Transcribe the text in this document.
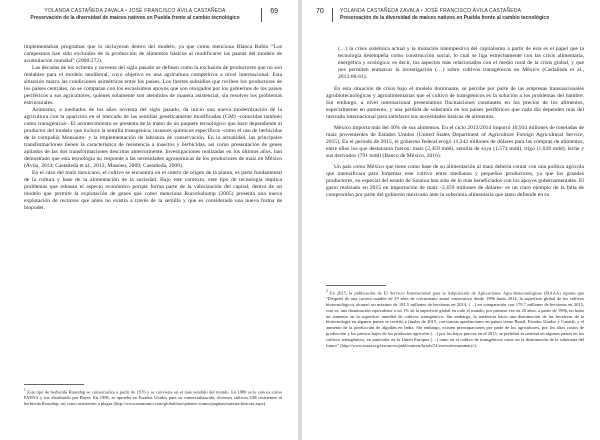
YOLANDA CASTAÑEDA ZAVALA • JOSÉ FRANCISCO ÁVILA CASTAÑEDA
Preservación de la diversidad de maíces nativos en Puebla frente al cambio tecnológico
69

implementaban programas que lo incluyeran dentro del modelo, ya que como menciona Blanca Rubio “Los campesinos han sido excluidos de la producción de alimentos básicos al modificarse las pautas del modelo de acumulación mundial” (2000:272).

Las décadas de los ochenta y noventa del siglo pasado se definen como la exclusión de productores que no son rentables para el modelo neoliberal, cuyo objetivo es una agricultura competitiva a nivel internacional. Esta situación marca las condiciones asimétricas entre los países. Los fuertes subsidios que reciben los productores de los países centrales, no se comparan con los escasísimos apoyos que son otorgados por los gobiernos de los países periféricos a sus agricultores, quienes solamente son atendidos de manera asistencial, sin resolver los problemas estructurales.

Asimismo, a mediados de los años noventa del siglo pasado, da inicio una nueva modernización de la agricultura con la aparición en el mercado de las semillas genéticamente modificadas (GM) -conocidas también como transgénicas-. El acontecimiento se presenta de la mano de un paquete tecnológico que hace dependiente al productor del modelo que incluye la semilla transgénica, insumos químicos específicos -como el uso de herbicidas de la compañía Monsanto- y la implementación de labranza de conservación. En la actualidad, las principales transformaciones tienen la característica de resistencia a insectos y herbicidas, así como presentación de genes apilados de las dos transformaciones descritas anteriormente. Investigaciones realizadas en los últimos años, han demostrado que esta tecnología no responde a las necesidades agronómicas de los productores de maíz en México (Ávila, 2014; Castañeda et al., 2013; Massieu, 2009; Castañeda, 2009).

En el caso del maíz mexicano, el cultivo se encuentra en el centro de origen de la planta, es parte fundamental de la cultura y base de la alimentación de la sociedad. Bajo este contexto, este tipo de tecnología implica problemas que rebasan el aspecto económico porque forma parte de la valorización del capital, dentro de un modelo que permite la explotación de genes que como menciona Rucorkshump (2005) presenta una nueva explotación de recursos que antes no existía a través de la semilla y que es considerado una nueva forma de biopoder.

$^1$ Este tipo de herbicida Roundup se comercializa a partir de 1976 y se convierte en el más vendido del mundo. En 1980 se le conoce como FAENA y fue distribuido por Bayer. En 1996, se aprueba en Estados Unidos para su comercialización, diversos cultivos GM resistentes al herbicida Roundup, así como resistentes a plagas (http://www.monsanto.com/global/mx/quienes-somos/paginas/nuestra-historia.aspx).
70	YOLANDA CASTAÑEDA ZAVALA • JOSÉ FRANCISCO ÁVILA CASTAÑEDA
Preservación de la diversidad de maíces nativos en Puebla frente al cambio tecnológico

(…) la crisis sistémica actual y la mutación intempestiva del capitalismo a partir de ésta es el papel que la tecnología desempeña como construcción social, lo cual se liga estrechamente con las crisis alimentaria, energética y ecológica; es decir, los aspectos más relacionados con el medio rural de la crisis global, y que nos permiten enmarcar la investigación (…) sobre cultivos transgénicos en México (Castañeda et al., 2013:60-61).

En esta situación de crisis bajo el modelo dominante, se percibe por parte de las empresas transnacionales agrobiotecnológicas y agroalimentarias que el cultivo de transgénicos es la solución a los problemas del hambre. Sin embargo, a nivel internacional presentamos fluctuaciones constantes en los precios de los alimentos, especialmente en aumento, y una pérdida de soberanía en los países periféricos que cada día dependen más del mercado internacional para satisfacer sus necesidades básicas de alimentos.

México importa más del 40% de sus alimentos. En el ciclo 2013/2014 importó 10,934 millones de toneladas de maíz provenientes de Estados Unidos (United States Department of Agriculture Foreign Agricultural Service, 2015). En el periodo de 2015, el gobierno federal erogó 11,242 millones de dólares para las compras de alimentos, entre ellos los que destacaron fueron: maíz (2,459 mdd), semilla de soya (1,574 mdd), trigo (1,028 mdd), leche y sus derivados (791 mdd) (Banco de México, 2016).

Un país como México que tiene como base de su alimentación al maíz debería contar con una política agrícola que intensificara para fomentar este cultivo entre medianos y pequeños productores, ya que los grandes productores, en especial del estado de Sinaloa han sido de lo más beneficiados con los apoyos gubernamentales. El gasto realizado en 2015 en importación de maíz -2,459 millones de dólares- es un claro ejemplo de la falta de compromiso por parte del gobierno mexicano ante la soberanía alimentaria que tanto defiende en su

$^2$ En 2015, la publicación de El Servicio Internacional para la Adquisición de Aplicaciones Agro-biotecnológicas (ISAAA) reporta que “Después de una carrera notable de 19 años de crecimiento anual consecutivo desde 1996 hasta 2014, la superficie global de los cultivos biotecnológicos alcanzó un máximo de 181.5 millones de hectáreas en 2014, (…) en comparación con 179.7 millones de hectáreas en 2015, esto es, una disminución equivalente a un 1% de la superficie global en todo el mundo; por primera vez en 20 años, a partir de 1996, no hubo un aumento en la superficie mundial de cultivos transgénicos. Sin embargo, la tendencia hacia una disminución de las hectáreas de la biotecnología en algunos países se revirtió a finales de 2015, con nuevas aprobaciones en países como Brasil, Estados Unidos y Canadá, y el aumento de la producción de algodón en India. Sin embargo, existen preocupaciones por parte de los agricultores, por los altos costos de producción y los precios bajos de los productos agrícolas (…) por los bajos precios en el 2015, se prohibió la siembra en algunos países en los cultivos transgénicos, en particular en la Unión Europea (…) tanto en el cultivo de transgénicos como en la disminución de la soberanía del futuro” (http://www.isaaa.org/resources/publications/briefs/51/executivesummary/).
